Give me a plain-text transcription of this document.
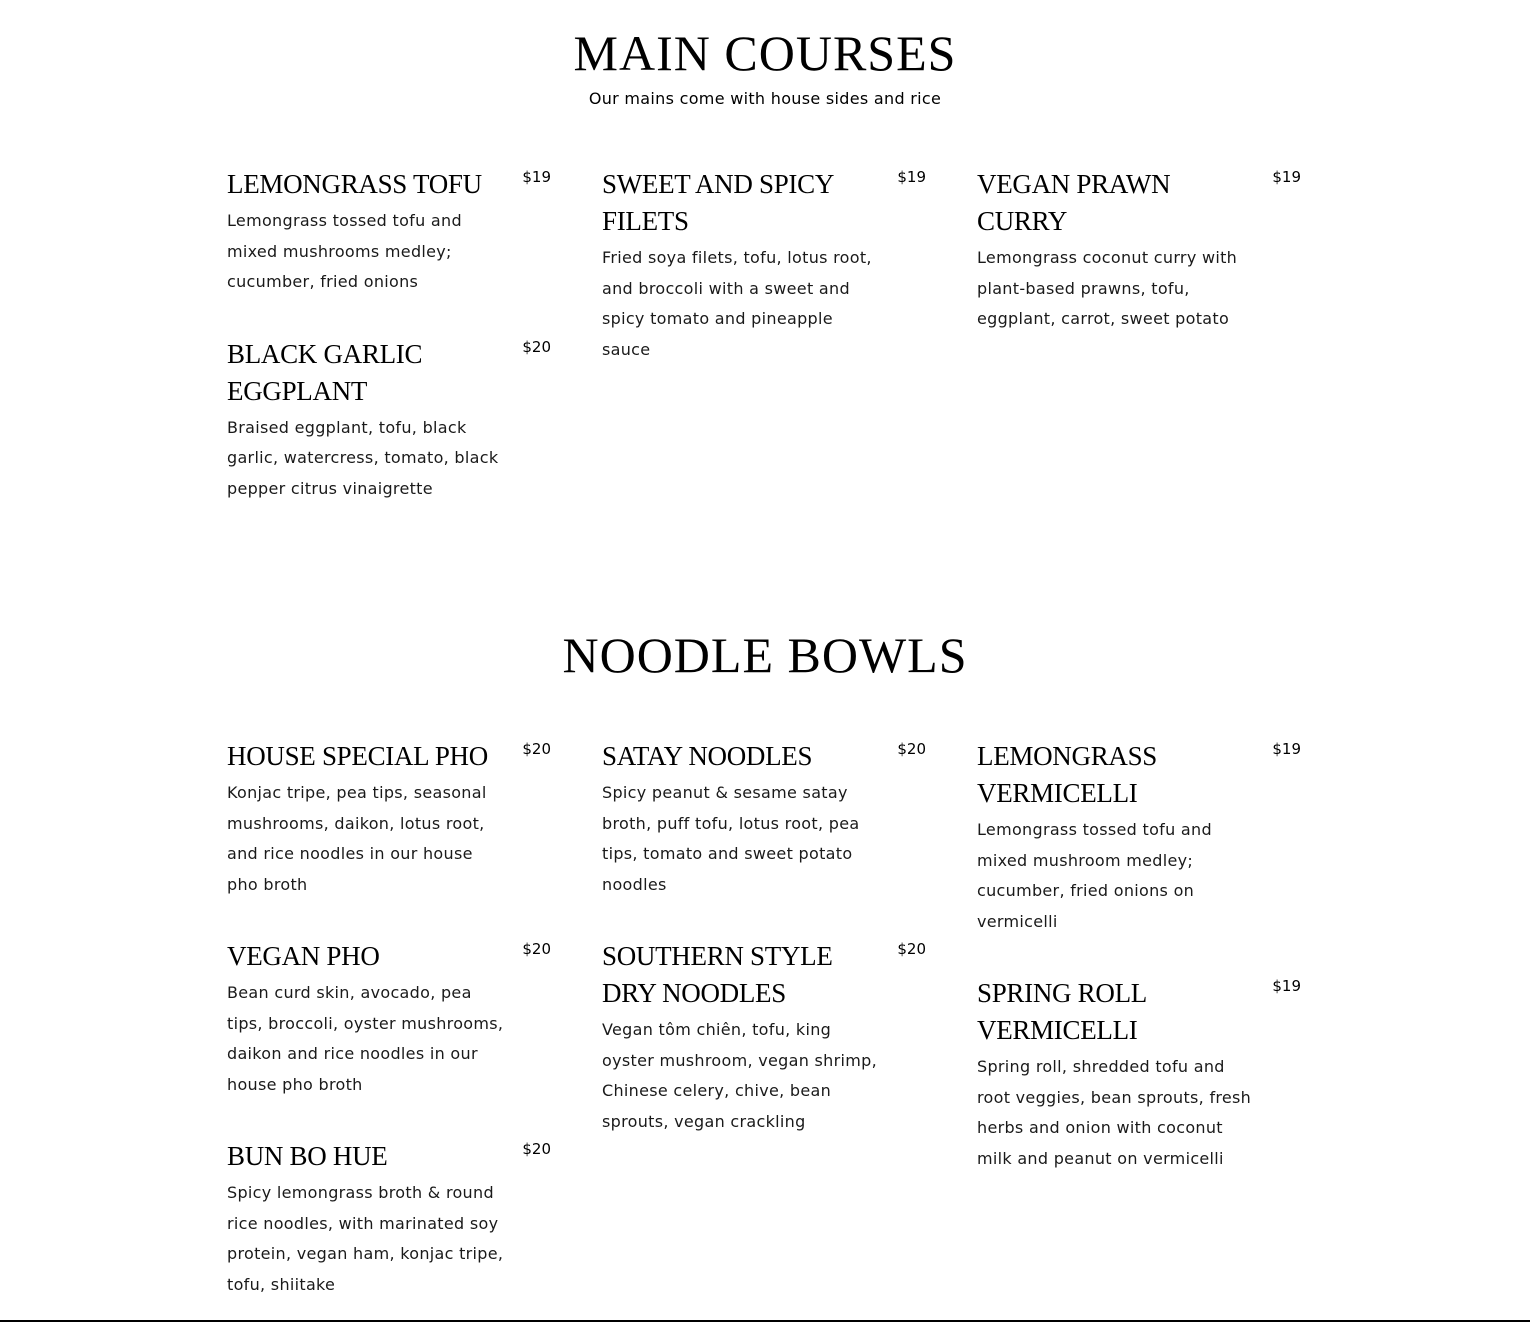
MAIN COURSES

Our mains come with house sides and rice

LEMONGRASS TOFU	$19
Lemongrass tossed tofu and mixed mushrooms medley; cucumber, fried onions
BLACK GARLIC EGGPLANT
$20
Braised eggplant, tofu, black garlic, watercress, tomato, black pepper citrus vinaigrette
SWEET AND SPICY FILETS
$19
Fried soya filets, tofu, lotus root, and broccoli with a sweet and spicy tomato and pineapple sauce
VEGAN PRAWN CURRY
$19
Lemongrass coconut curry with plant-based prawns, tofu, eggplant, carrot, sweet potato
NOODLE BOWLS
HOUSE SPECIAL PHO $20
Konjac tripe, pea tips, seasonal mushrooms, daikon, lotus root, and rice noodles in our house pho broth
VEGAN PHO	$20
Bean curd skin, avocado, pea tips, broccoli, oyster mushrooms, daikon and rice noodles in our house pho broth
BUN BO HUE	$20
Spicy lemongrass broth & round rice noodles, with marinated soy protein, vegan ham, konjac tripe, tofu, shiitake
SATAY NOODLES	$20
Spicy peanut & sesame satay broth, puff tofu, lotus root, pea tips, tomato and sweet potato noodles
SOUTHERN STYLE DRY NOODLES
$20
Vegan tôm chiên, tofu, king oyster mushroom, vegan shrimp, Chinese celery, chive, bean sprouts, vegan crackling
LEMONGRASS VERMICELLI
$19
Lemongrass tossed tofu and mixed mushroom medley; cucumber, fried onions on vermicelli
SPRING ROLL VERMICELLI
$19
Spring roll, shredded tofu and root veggies, bean sprouts, fresh herbs and onion with coconut milk and peanut on vermicelli
